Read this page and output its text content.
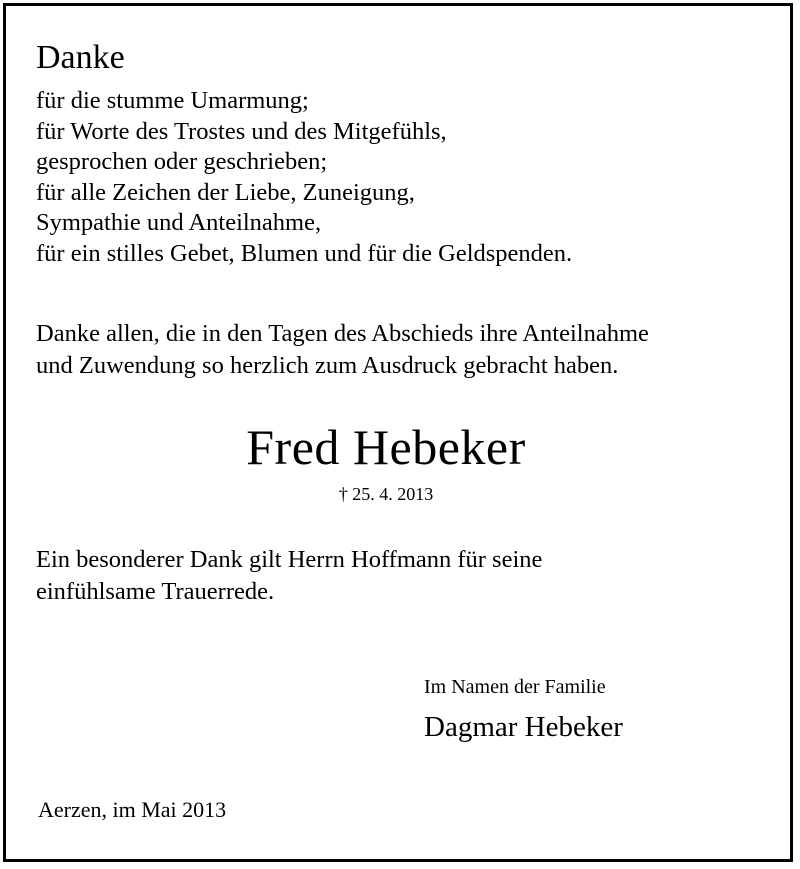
Danke
für die stumme Umarmung;
für Worte des Trostes und des Mitgefühls,
gesprochen oder geschrieben;
für alle Zeichen der Liebe, Zuneigung,
Sympathie und Anteilnahme,
für ein stilles Gebet, Blumen und für die Geldspenden.
Danke allen, die in den Tagen des Abschieds ihre Anteilnahme
und Zuwendung so herzlich zum Ausdruck gebracht haben.
Fred Hebeker
† 25. 4. 2013
Ein besonderer Dank gilt Herrn Hoffmann für seine
einfühlsame Trauerrede.
Im Namen der Familie
Dagmar Hebeker
Aerzen, im Mai 2013
